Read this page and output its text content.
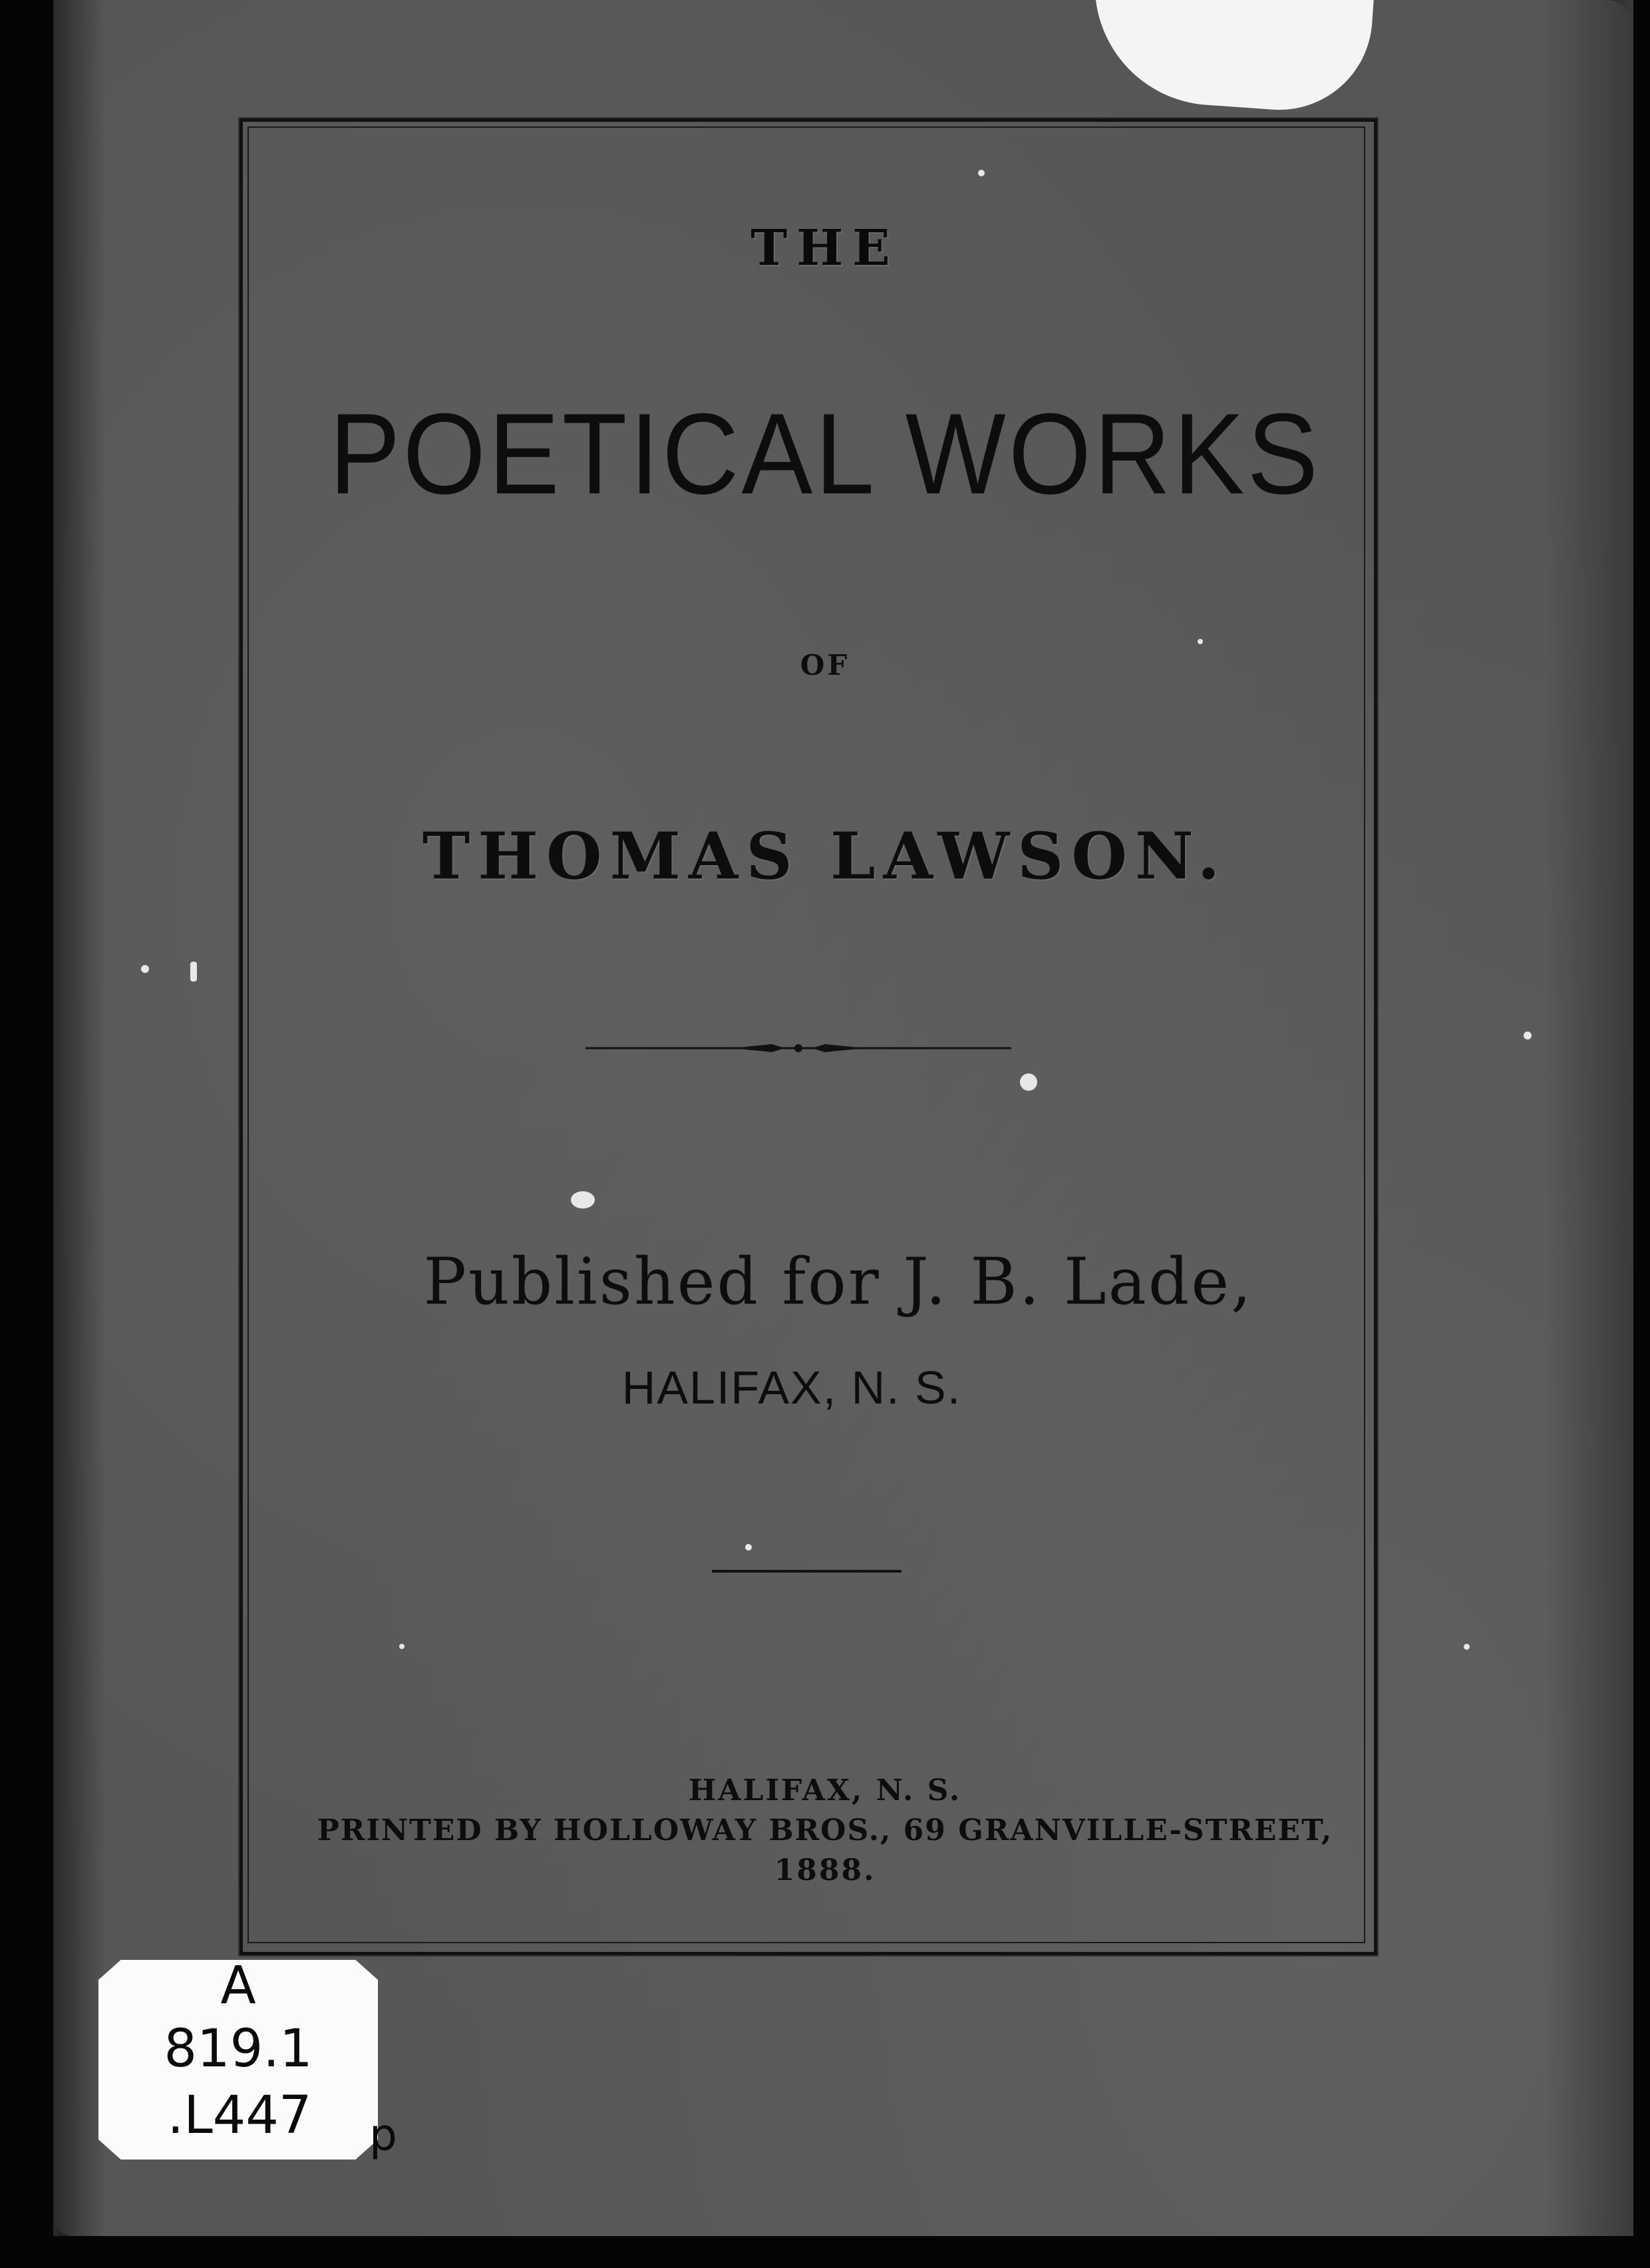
THE
POETICAL WORKS
OF
THOMAS LAWSON.
Published for J. B. Lade,
HALIFAX, N. S.
HALIFAX, N. S.
PRINTED BY HOLLOWAY BROS., 69 GRANVILLE-STREET,
1888.
A
819.1
.L447	p
